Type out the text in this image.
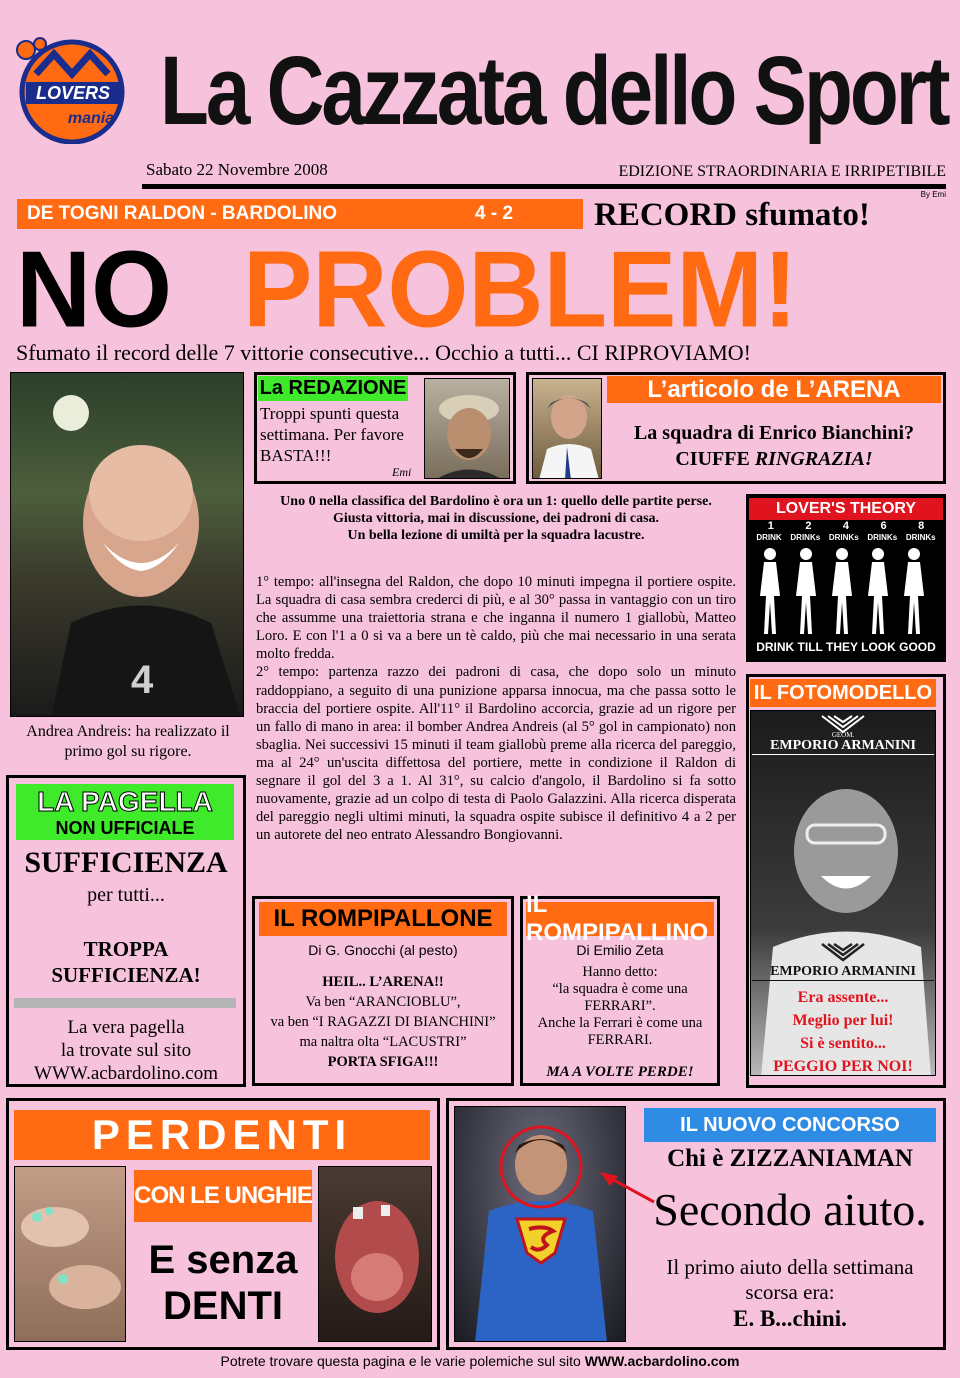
LOVERS
mania La Cazzata dello Sport
Sabato 22 Novembre 2008	EDIZIONE STRAORDINARIA E IRRIPETIBILE
By Emi
DE TOGNI RALDON - BARDOLINO	4 - 2 RECORD sfumato!
NO PROBLEM!
Sfumato il record delle 7 vittorie consecutive... Occhio a tutti... CI RIPROVIAMO!
4
Andrea Andreis: ha realizzato il primo gol su rigore.
La REDAZIONE
Troppi spunti questa settimana. Per favore BASTA!!!
Emi
L’articolo de L’ARENA
La squadra di Enrico Bianchini?
CIUFFE RINGRAZIA!
Uno 0 nella classifica del Bardolino è ora un 1: quello delle partite perse.
Giusta vittoria, mai in discussione, dei padroni di casa.
Un bella lezione di umiltà per la squadra lacustre.
1° tempo: all'insegna del Raldon, che dopo 10 minuti impegna il portiere ospite. La squadra di casa sembra crederci di più, e al 30° passa in vantaggio con un tiro che assumme una traiettoria strana e che inganna il numero 1 giallobù, Matteo Loro. E con l'1 a 0 si va a bere un tè caldo, più che mai necessario in una serata molto fredda.
2° tempo: partenza razzo dei padroni di casa, che dopo solo un minuto raddoppiano, a seguito di una punizione apparsa innocua, ma che passa sotto le braccia del portiere ospite. All'11° il Bardolino accorcia, grazie ad un rigore per un fallo di mano in area: il bomber Andrea Andreis (al 5° gol in campionato) non sbaglia. Nei successivi 15 minuti il team giallobù preme alla ricerca del pareggio, ma al 24° un'uscita diffettosa del portiere, mette in condizione il Raldon di segnare il gol del 3 a 1. Al 31°, su calcio d'angolo, il Bardolino si fa sotto nuovamente, grazie ad un colpo di testa di Paolo Galazzini. Alla ricerca disperata del pareggio negli ultimi minuti, la squadra ospite subisce il definitivo 4 a 2 per un autorete del neo entrato Alessandro Bongiovanni.
LOVER'S THEORY
1	2	4	6	8
DRINK DRINKs DRINKs DRINKs DRINKs
DRINK TILL THEY LOOK GOOD
IL FOTOMODELLO
GEOM.
EMPORIO ARMANINI
EMPORIO ARMANINI
Era assente...
Meglio per lui!
Si è sentito...
PEGGIO PER NOI!
LA PAGELLA
NON UFFICIALE
SUFFICIENZA
per tutti...
TROPPA
SUFFICIENZA!
La vera pagella
la trovate sul sito
WWW.acbardolino.com
IL ROMPIPALLONE
Di G. Gnocchi (al pesto)
HEIL.. L’ARENA!!
Va ben “ARANCIOBLU”,
va ben “I RAGAZZI DI BIANCHINI”
ma naltra olta “LACUSTRI”
PORTA SFIGA!!!
IL ROMPIPALLINO
Di Emilio Zeta
Hanno detto:
“la squadra è come una FERRARI”.
Anche la Ferrari è come una FERRARI.
MA A VOLTE PERDE!
PERDENTI
CON LE UNGHIE
E senza
DENTI
IL NUOVO CONCORSO
Chi è ZIZZANIAMAN
Secondo aiuto.
Il primo aiuto della settimana
scorsa era:
E. B...chini.
Potrete trovare questa pagina e le varie polemiche sul sito WWW.acbardolino.com
